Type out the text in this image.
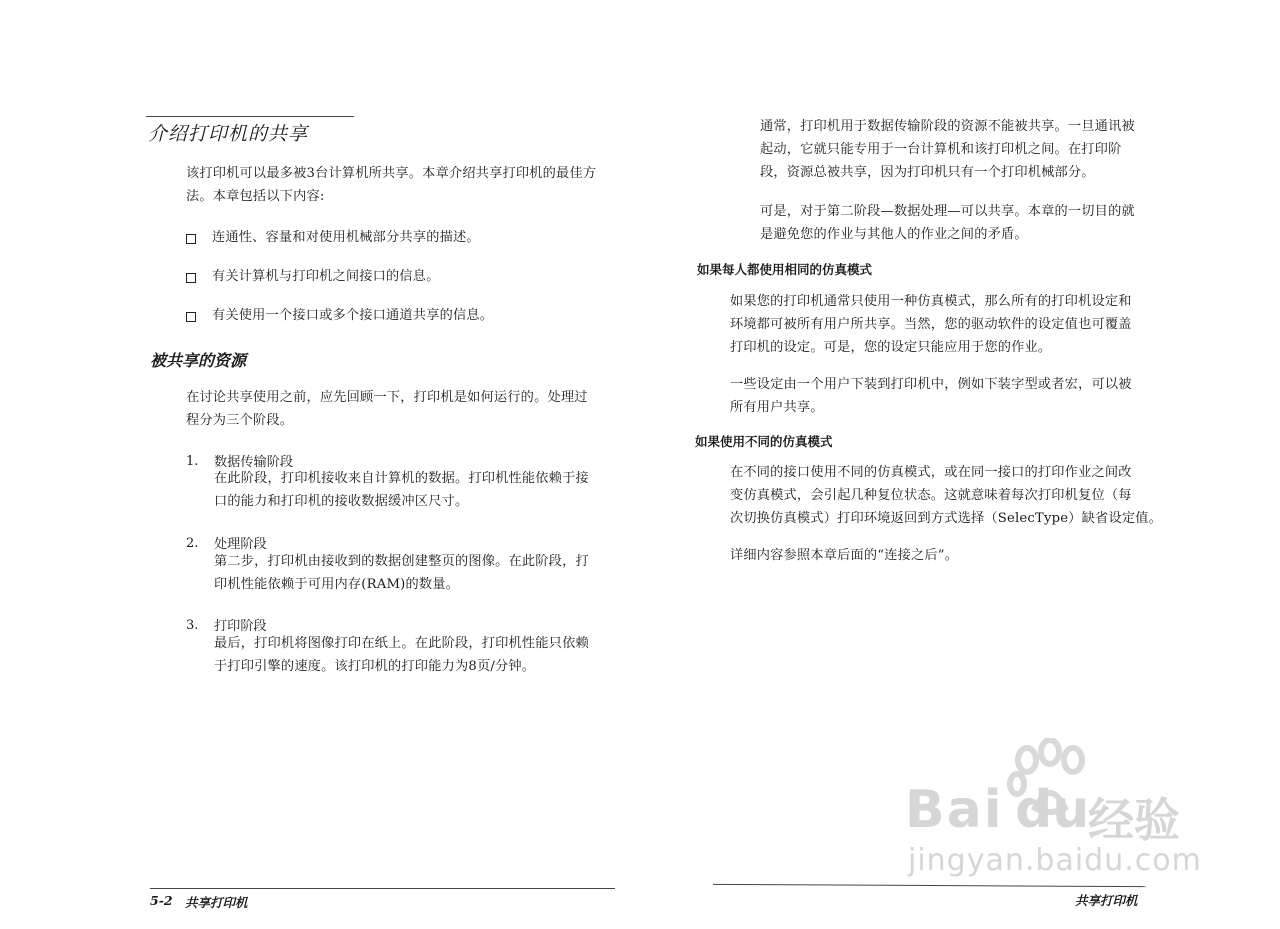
介绍打印机的共享
该打印机可以最多被3台计算机所共享。本章介绍共享打印机的最佳方
法。本章包括以下内容:
连通性、容量和对使用机械部分共享的描述。
有关计算机与打印机之间接口的信息。
有关使用一个接口或多个接口通道共享的信息。
被共享的资源
在讨论共享使用之前，应先回顾一下，打印机是如何运行的。处理过
程分为三个阶段。
1. 数据传输阶段
在此阶段，打印机接收来自计算机的数据。打印机性能依赖于接
口的能力和打印机的接收数据缓冲区尺寸。
2. 处理阶段
第二步，打印机由接收到的数据创建整页的图像。在此阶段，打
印机性能依赖于可用内存(RAM)的数量。
3. 打印阶段
最后，打印机将图像打印在纸上。在此阶段，打印机性能只依赖
于打印引擎的速度。该打印机的打印能力为8页/分钟。
5-2 共享打印机
通常，打印机用于数据传输阶段的资源不能被共享。一旦通讯被
起动，它就只能专用于一台计算机和该打印机之间。在打印阶
段，资源总被共享，因为打印机只有一个打印机械部分。
可是，对于第二阶段—数据处理—可以共享。本章的一切目的就
是避免您的作业与其他人的作业之间的矛盾。
如果每人都使用相同的仿真模式
如果您的打印机通常只使用一种仿真模式，那么所有的打印机设定和
环境都可被所有用户所共享。当然，您的驱动软件的设定值也可覆盖
打印机的设定。可是，您的设定只能应用于您的作业。
一些设定由一个用户下装到打印机中，例如下装字型或者宏，可以被
所有用户共享。
如果使用不同的仿真模式
在不同的接口使用不同的仿真模式，或在同一接口的打印作业之间改
变仿真模式，会引起几种复位状态。这就意味着每次打印机复位（每
次切换仿真模式）打印环境返回到方式选择（SelecType）缺省设定值。
详细内容参照本章后面的“连接之后”。
共享打印机
Bai du
经验
jingyan.baidu.com
